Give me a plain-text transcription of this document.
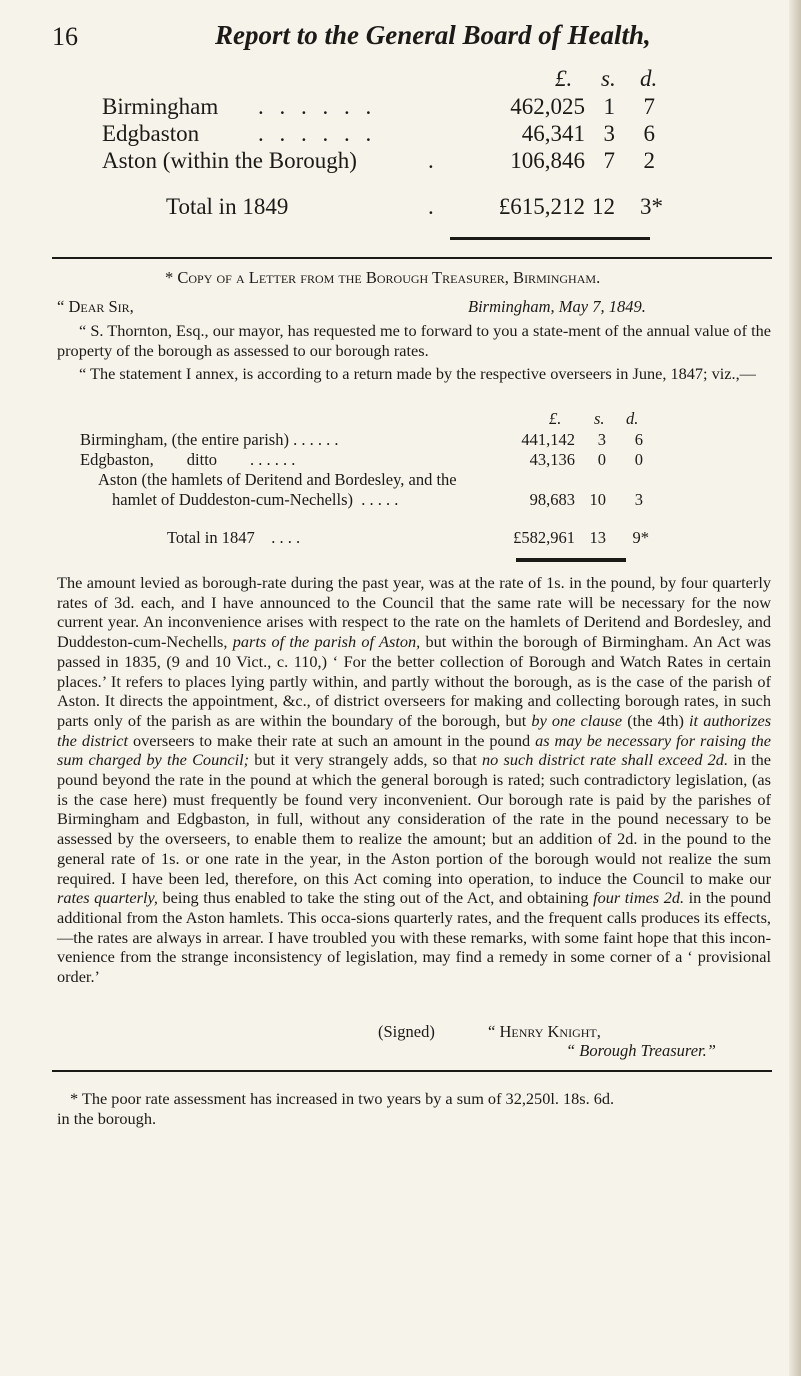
16	Report to the General Board of Health,
£. s. d.
Birmingham . . . . . .	462,025 1	7
Edgbaston	. . . . . .	46,341 3	6
Aston (within the Borough)	.	106,846 7	2
Total in 1849	.	£615,212 12	3*
* Copy of a Letter from the Borough Treasurer, Birmingham.
“ Dear Sir,	Birmingham, May 7, 1849.
“ S. Thornton, Esq., our mayor, has requested me to forward to you a state-ment of the annual value of the property of the borough as assessed to our borough rates.
“ The statement I annex, is according to a return made by the respective overseers in June, 1847; viz.,—
£. s. d.
Birmingham, (the entire parish) . . . . . .	441,142	3	6
Edgbaston,        ditto        . . . . . .	43,136	0	0
Aston (the hamlets of Deritend and Bordesley, and the
hamlet of Duddeston-cum-Nechells)  . . . . .	98,683 10	3
Total in 1847    . . . .	£582,961 13	9*

The amount levied as borough-rate during the past year, was at the rate of 1s. in the pound, by four quarterly rates of 3d. each, and I have announced to the Council that the same rate will be necessary for the now current year. An inconvenience arises with respect to the rate on the hamlets of Deritend and Bordesley, and Duddeston-cum-Nechells, parts of the parish of Aston, but within the borough of Birmingham. An Act was passed in 1835, (9 and 10 Vict., c. 110,) ‘ For the better collection of Borough and Watch Rates in certain places.’ It refers to places lying partly within, and partly without the borough, as is the case of the parish of Aston. It directs the appointment, &c., of district overseers for making and collecting borough rates, in such parts only of the parish as are within the boundary of the borough, but by one clause (the 4th) it authorizes the district overseers to make their rate at such an amount in the pound as may be necessary for raising the sum charged by the Council; but it very strangely adds, so that no such district rate shall exceed 2d. in the pound beyond the rate in the pound at which the general borough is rated; such contradictory legislation, (as is the case here) must frequently be found very inconvenient. Our borough rate is paid by the parishes of Birmingham and Edgbaston, in full, without any consideration of the rate in the pound necessary to be assessed by the overseers, to enable them to realize the amount; but an addition of 2d. in the pound to the general rate of 1s. or one rate in the year, in the Aston portion of the borough would not realize the sum required. I have been led, therefore, on this Act coming into operation, to induce the Council to make our rates quarterly, being thus enabled to take the sting out of the Act, and obtaining four times 2d. in the pound additional from the Aston hamlets. This occa-sions quarterly rates, and the frequent calls produces its effects,—the rates are always in arrear. I have troubled you with these remarks, with some faint hope that this incon-venience from the strange inconsistency of legislation, may find a remedy in some corner of a ‘ provisional order.’

(Signed)	“ Henry Knight,
“ Borough Treasurer.”
* The poor rate assessment has increased in two years by a sum of 32,250l. 18s. 6d.
in the borough.
